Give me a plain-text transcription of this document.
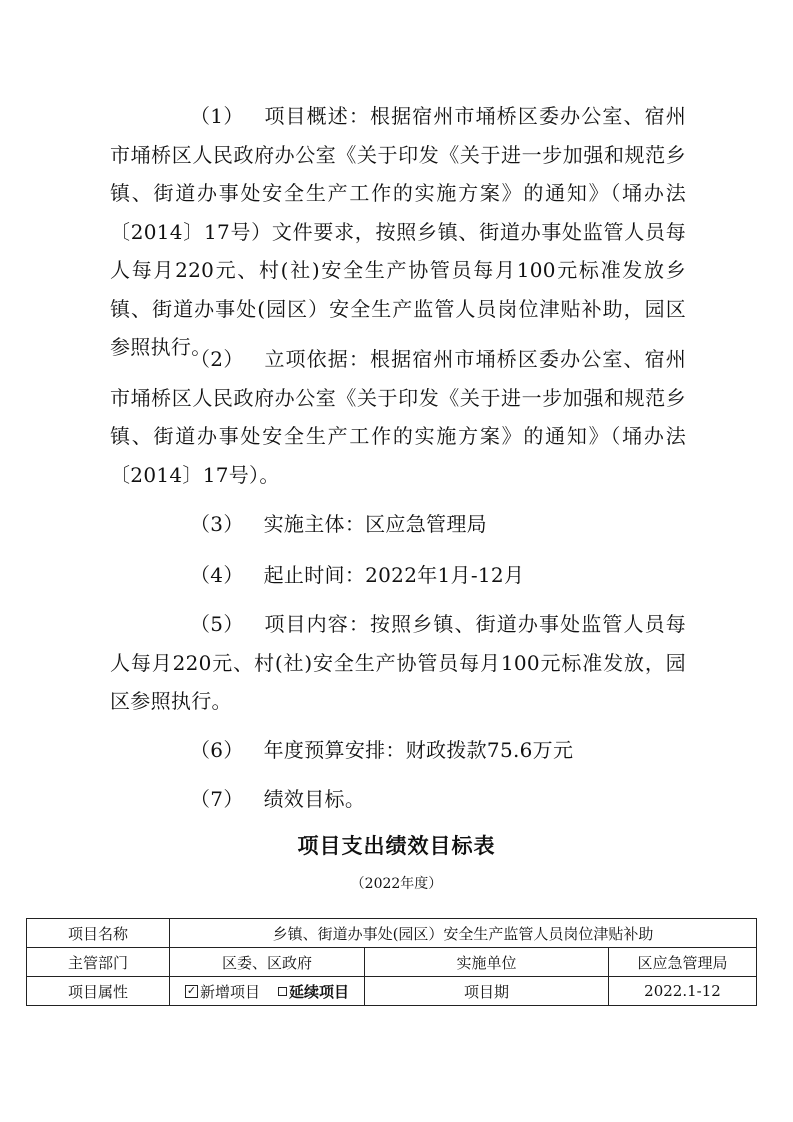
（1） 项目概述：根据宿州市埇桥区委办公室、宿州市埇桥区人民政府办公室《关于印发《关于进一步加强和规范乡镇、街道办事处安全生产工作的实施方案》的通知》（埇办法〔2014〕17号）文件要求，按照乡镇、街道办事处监管人员每人每月220元、村(社)安全生产协管员每月100元标准发放乡镇、街道办事处(园区）安全生产监管人员岗位津贴补助，园区参照执行。

（2） 立项依据：根据宿州市埇桥区委办公室、宿州市埇桥区人民政府办公室《关于印发《关于进一步加强和规范乡镇、街道办事处安全生产工作的实施方案》的通知》（埇办法〔2014〕17号）。

（3） 实施主体：区应急管理局

（4） 起止时间：2022年1月-12月

（5） 项目内容：按照乡镇、街道办事处监管人员每人每月220元、村(社)安全生产协管员每月100元标准发放，园区参照执行。

（6） 年度预算安排：财政拨款75.6万元

（7） 绩效目标。

项目支出绩效目标表
（2022年度）
项目名称	乡镇、街道办事处(园区）安全生产监管人员岗位津贴补助		
主管部门	区委、区政府	实施单位	区应急管理局
项目属性	✓新增项目 延续项目	项目期	2022.1-12
